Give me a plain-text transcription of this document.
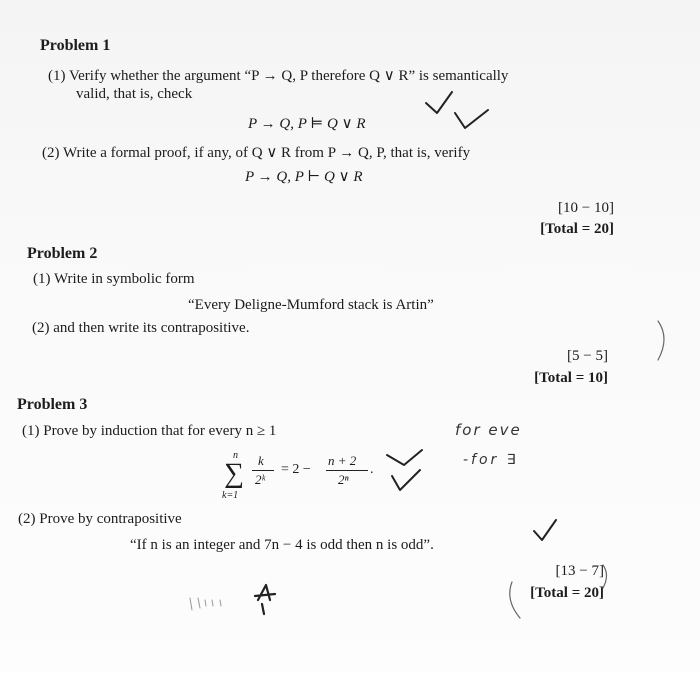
Problem 1
(1) Verify whether the argument “P → Q, P therefore Q ∨ R” is semantically
valid, that is, check
P → Q, P ⊨ Q ∨ R
(2) Write a formal proof, if any, of Q ∨ R from P → Q, P, that is, verify
P → Q, P ⊢ Q ∨ R
[10 − 10]
[Total = 20]
Problem 2
(1) Write in symbolic form
“Every Deligne-Mumford stack is Artin”
(2) and then write its contrapositive.
[5 − 5]
[Total = 10]
Problem 3
(1) Prove by induction that for every n ≥ 1
n
∑
k=1
k
2ᵏ
= 2 −
n + 2
2ⁿ
.
(2) Prove by contrapositive
“If n is an integer and 7n − 4 is odd then n is odd”.
[13 − 7]
[Total = 20]
for eve
-for ∃
